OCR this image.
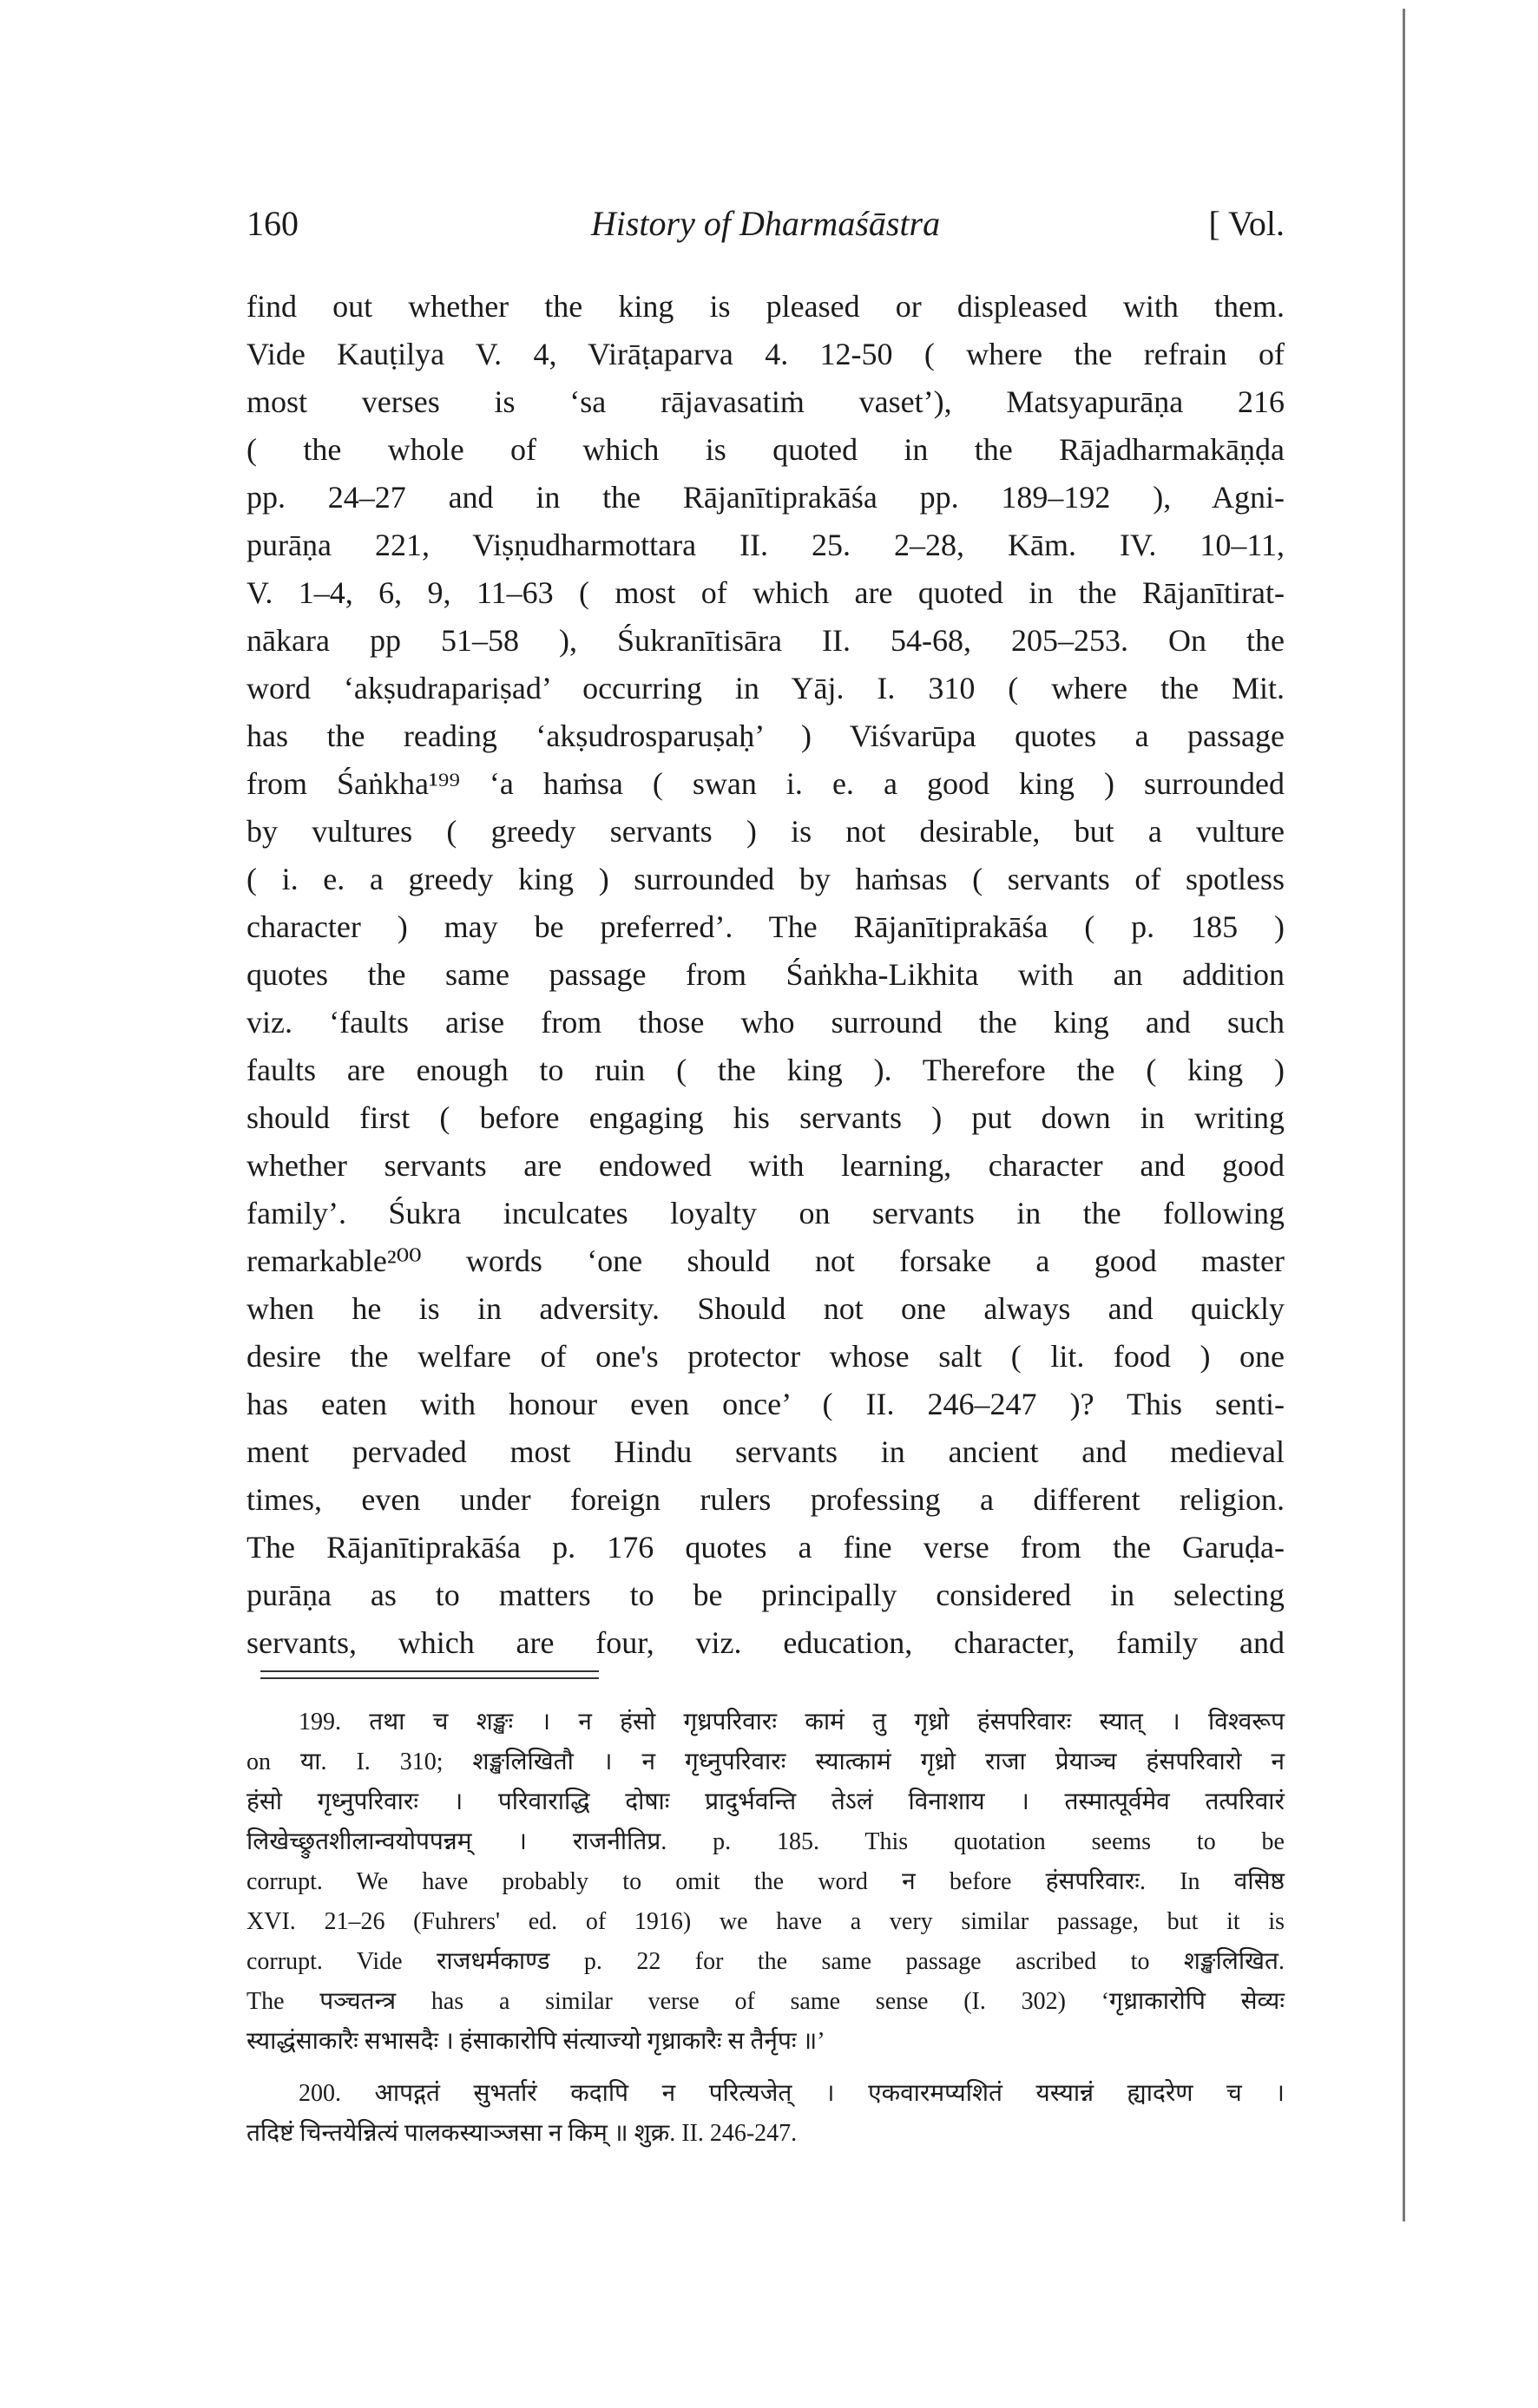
160	History of Dharmaśāstra	[ Vol.
find out whether the king is pleased or displeased with them.
Vide Kauṭilya V. 4, Virāṭaparva 4. 12-50 ( where the refrain of
most verses is ‘sa rājavasatiṁ vaset’), Matsyapurāṇa 216
( the whole of which is quoted in the Rājadharmakāṇḍa
pp. 24–27 and in the Rājanītiprakāśa pp. 189–192 ), Agni-
purāṇa 221, Viṣṇudharmottara II. 25. 2–28, Kām. IV. 10–11,
V. 1–4, 6, 9, 11–63 ( most of which are quoted in the Rājanītirat-
nākara pp 51–58 ), Śukranītisāra II. 54-68, 205–253. On the
word ‘akṣudrapariṣad’ occurring in Yāj. I. 310 ( where the Mit.
has the reading ‘akṣudrosparuṣaḥ’ ) Viśvarūpa quotes a passage
from Śaṅkha¹⁹⁹ ‘a haṁsa ( swan i. e. a good king ) surrounded
by vultures ( greedy servants ) is not desirable, but a vulture
( i. e. a greedy king ) surrounded by haṁsas ( servants of spotless
character ) may be preferred’. The Rājanītiprakāśa ( p. 185 )
quotes the same passage from Śaṅkha-Likhita with an addition
viz. ‘faults arise from those who surround the king and such
faults are enough to ruin ( the king ). Therefore the ( king )
should first ( before engaging his servants ) put down in writing
whether servants are endowed with learning, character and good
family’. Śukra inculcates loyalty on servants in the following
remarkable²⁰⁰ words ‘one should not forsake a good master
when he is in adversity. Should not one always and quickly
desire the welfare of one's protector whose salt ( lit. food ) one
has eaten with honour even once’ ( II. 246–247 )? This senti-
ment pervaded most Hindu servants in ancient and medieval
times, even under foreign rulers professing a different religion.
The Rājanītiprakāśa p. 176 quotes a fine verse from the Garuḍa-
purāṇa as to matters to be principally considered in selecting
servants, which are four, viz. education, character, family and
199. तथा च शङ्खः । न हंसो गृध्रपरिवारः कामं तु गृध्रो हंसपरिवारः स्यात् । विश्वरूप
on या. I. 310; शङ्खलिखितौ । न गृध्नुपरिवारः स्यात्कामं गृध्रो राजा प्रेयाञ्च हंसपरिवारो न
हंसो गृध्नुपरिवारः । परिवाराद्धि दोषाः प्रादुर्भवन्ति तेऽलं विनाशाय । तस्मात्पूर्वमेव तत्परिवारं
लिखेच्छ्रुतशीलान्वयोपपन्नम् । राजनीतिप्र. p. 185. This quotation seems to be
corrupt. We have probably to omit the word न before हंसपरिवारः. In वसिष्ठ
XVI. 21–26 (Fuhrers' ed. of 1916) we have a very similar passage, but it is
corrupt. Vide राजधर्मकाण्ड p. 22 for the same passage ascribed to शङ्खलिखित.
The पञ्चतन्त्र has a similar verse of same sense (I. 302) ‘गृध्राकारोपि सेव्यः
स्याद्धंसाकारैः सभासदैः । हंसाकारोपि संत्याज्यो गृध्राकारैः स तैर्नृपः ॥’
200. आपद्गतं सुभर्तारं कदापि न परित्यजेत् । एकवारमप्यशितं यस्यान्नं ह्यादरेण च ।
तदिष्टं चिन्तयेन्नित्यं पालकस्याञ्जसा न किम् ॥ शुक्र. II. 246-247.
